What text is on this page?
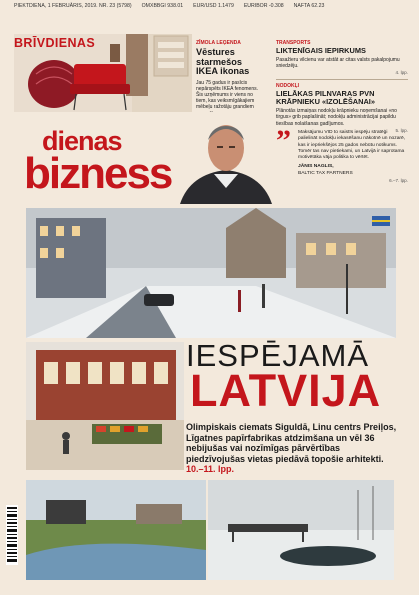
PIEKTDIENA, 1 FEBRUĀRIS, 2019. NR. 23 (5798) OMXBBGI 938.01 EUR/USD 1.1479 EURIBOR -0.308 NAFTA 62.23
BRĪVDIENAS	ZĪMOLA LEĢENDA
Vēstures starmešos IKEA ikonas
Jau 75 gadus ir pasīcis nepārspēts IKEA fenomens. Šis uzņēmums ir viens no tiem, kas veiksmīgākajiem mēbeļu ražotāju grandiem
TRANSPORTS
LIKTENĪGAIS IEPIRKUMS
Pasažieru vilcienu var atstāt ar citas valsts pakalpojumu sniedzēju.
4. lpp.
NODOKĻI
LIELĀKAS PILNVARAS PVN KRĀPNIEKU «IZOLĒŠANAI»
Plānotās izmaiņas nodokļu krāpnieku noņemšanai «no tirgus» grib paplašināt; nodokļu administrācijai papildu tiesības nolaišanas gadījumos.
5. lpp.
dienas
bizness
” Maksājumu VID to saistīs iespēju stratēģi palielināt nodokļu iekasēšanu nākotnē un nozarē, kas ir iepriekšējos 25 gados nebūtu notikums. Tomēr tas nav pietiekami, un Latvijā ir saprotama motivētāka vāja politika to vērtēt.
JĀNIS NAGLIS,
BALTIC TAX PARTNERS
6.–7. lpp.
IESPĒJAMĀ
LATVIJA
Olimpiskais ciemats Siguldā, Linu centrs Preiļos, Līgatnes papīrfabrikas atdzimšana un vēl 36 nebijušas vai nozīmīgas pārvērtības piedzīvojušas vietas piedāvā topošie arhitekti. 10.–11. lpp.
